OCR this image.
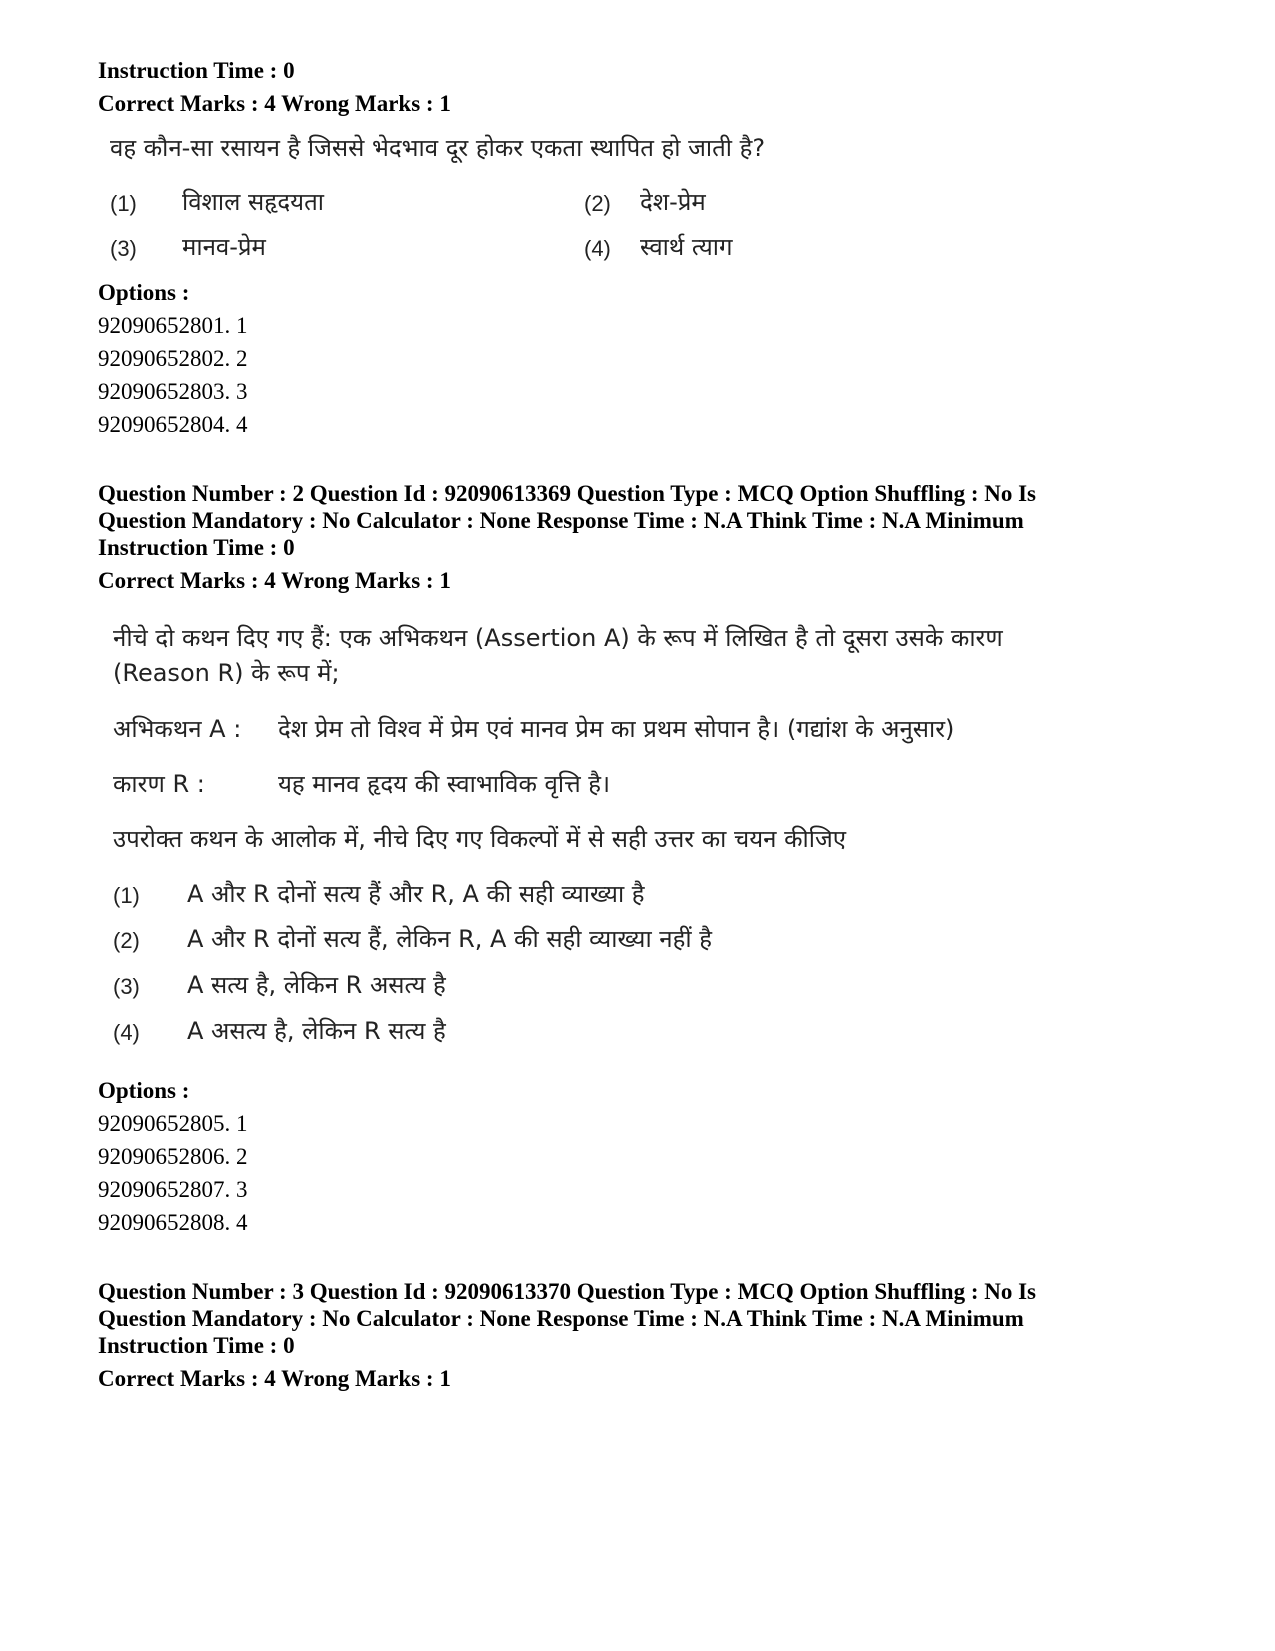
Instruction Time : 0
Correct Marks : 4 Wrong Marks : 1
वह कौन-सा रसायन है जिससे भेदभाव दूर होकर एकता स्थापित हो जाती है?
(1) विशाल सहृदयता	(2) देश-प्रेम
(3) मानव-प्रेम	(4) स्वार्थ त्याग
Options :
92090652801. 1
92090652802. 2
92090652803. 3
92090652804. 4
Question Number : 2 Question Id : 92090613369 Question Type : MCQ Option Shuffling : No Is
Question Mandatory : No Calculator : None Response Time : N.A Think Time : N.A Minimum
Instruction Time : 0
Correct Marks : 4 Wrong Marks : 1
नीचे दो कथन दिए गए हैं: एक अभिकथन (Assertion A) के रूप में लिखित है तो दूसरा उसके कारण
(Reason R) के रूप में;
अभिकथन A : देश प्रेम तो विश्व में प्रेम एवं मानव प्रेम का प्रथम सोपान है। (गद्यांश के अनुसार)
कारण R :	यह मानव हृदय की स्वाभाविक वृत्ति है।
उपरोक्त कथन के आलोक में, नीचे दिए गए विकल्पों में से सही उत्तर का चयन कीजिए
(1) A और R दोनों सत्य हैं और R, A की सही व्याख्या है
(2) A और R दोनों सत्य हैं, लेकिन R, A की सही व्याख्या नहीं है
(3) A सत्य है, लेकिन R असत्य है
(4) A असत्य है, लेकिन R सत्य है
Options :
92090652805. 1
92090652806. 2
92090652807. 3
92090652808. 4
Question Number : 3 Question Id : 92090613370 Question Type : MCQ Option Shuffling : No Is
Question Mandatory : No Calculator : None Response Time : N.A Think Time : N.A Minimum
Instruction Time : 0
Correct Marks : 4 Wrong Marks : 1
